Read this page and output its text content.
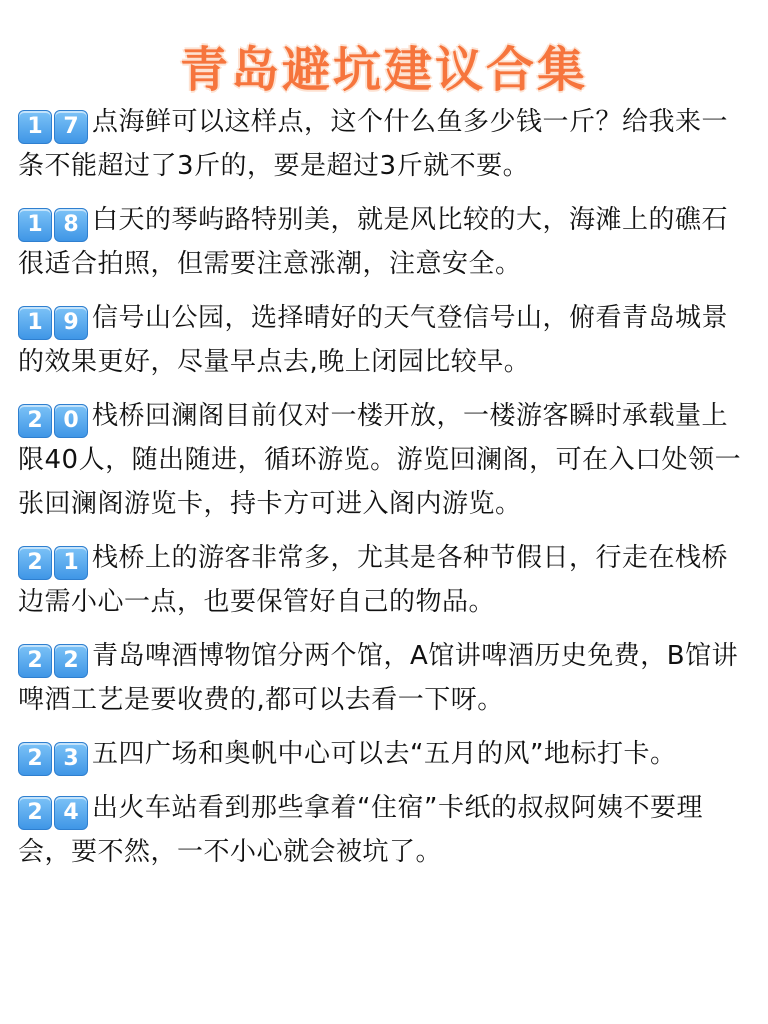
青岛避坑建议合集
1 7 点海鲜可以这样点，这个什么鱼多少钱一斤？给我来一条不能超过了3斤的，要是超过3斤就不要。
1 8 白天的琴屿路特别美，就是风比较的大，海滩上的礁石很适合拍照，但需要注意涨潮，注意安全。
1 9 信号山公园，选择晴好的天气登信号山，俯看青岛城景的效果更好，尽量早点去,晚上闭园比较早。
2 0 栈桥回澜阁目前仅对一楼开放，一楼游客瞬时承载量上限40人，随出随进，循环游览。游览回澜阁，可在入口处领一张回澜阁游览卡，持卡方可进入阁内游览。
2 1 栈桥上的游客非常多，尤其是各种节假日，行走在栈桥边需小心一点，也要保管好自己的物品。
2 2 青岛啤酒博物馆分两个馆，A馆讲啤酒历史免费，B馆讲啤酒工艺是要收费的,都可以去看一下呀。
2 3 五四广场和奥帆中心可以去“五月的风”地标打卡。
2 4 出火车站看到那些拿着“住宿”卡纸的叔叔阿姨不要理会，要不然，一不小心就会被坑了。
